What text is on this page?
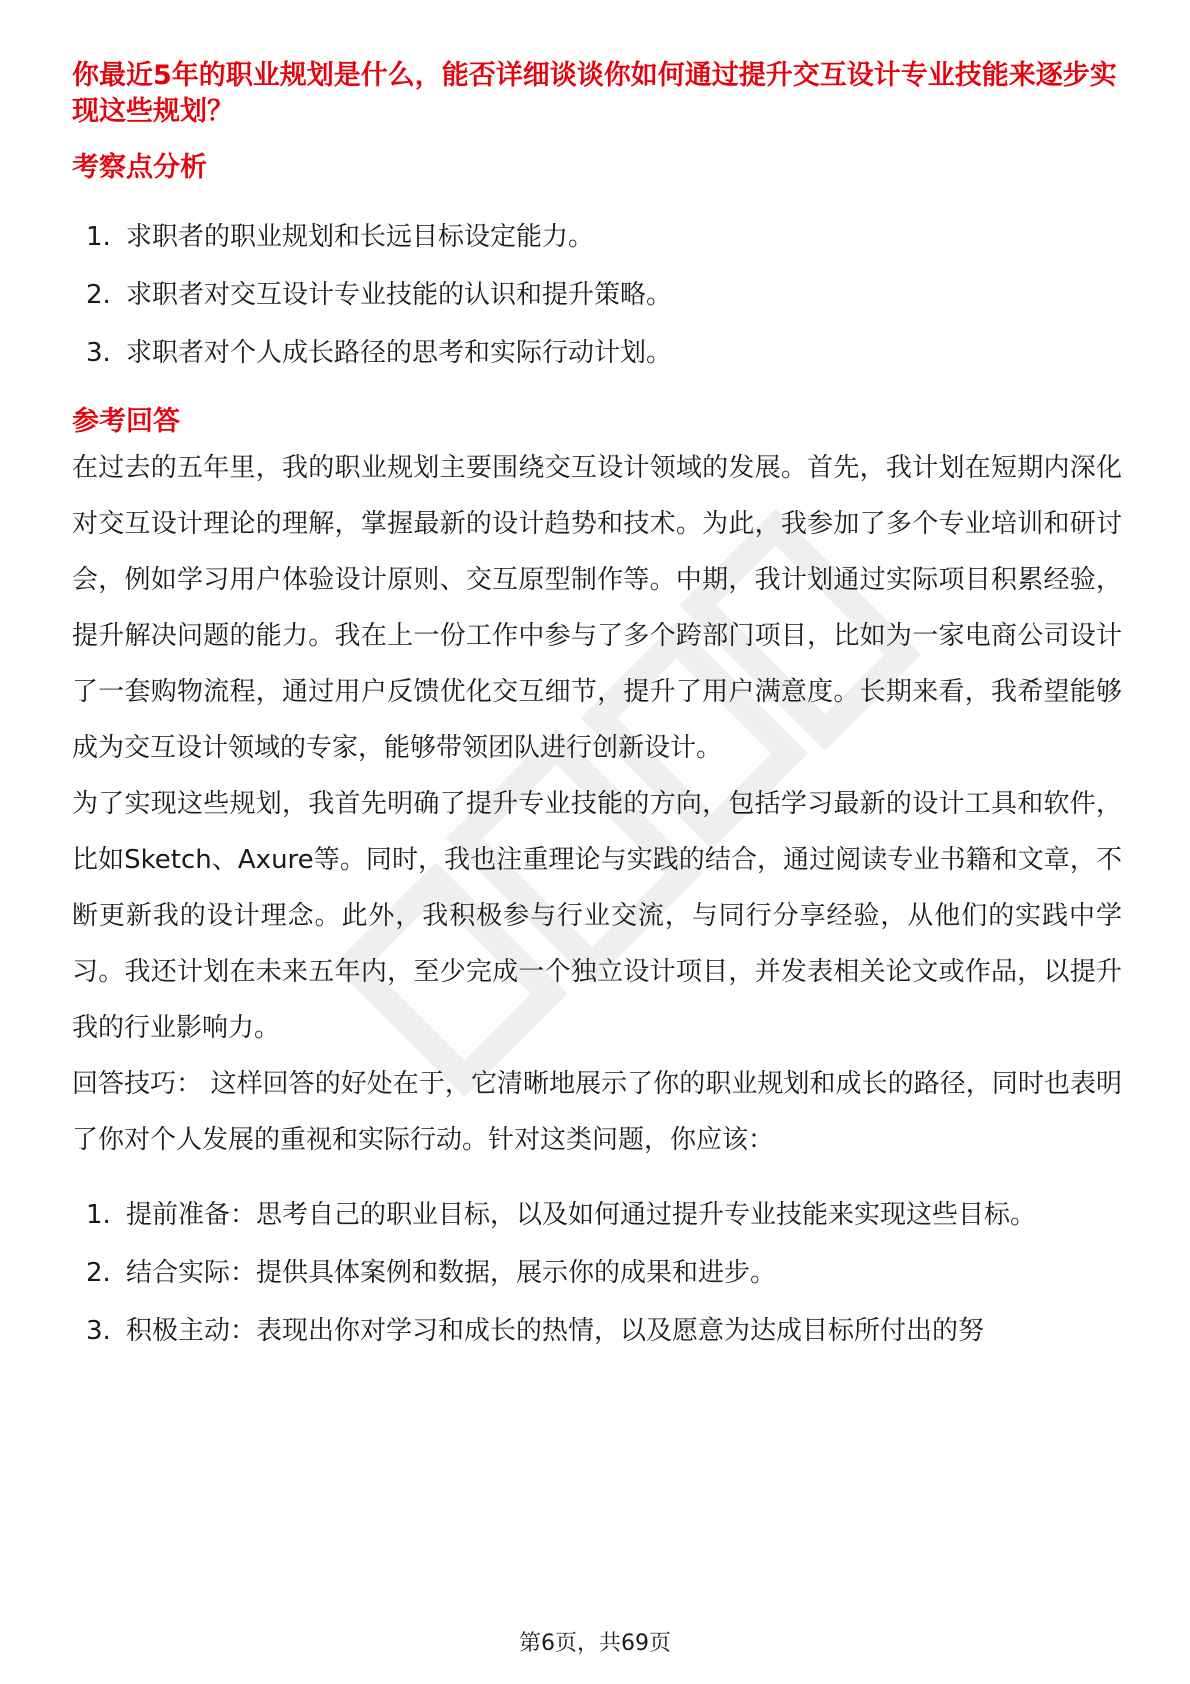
你最近5年的职业规划是什么，能否详细谈谈你如何通过提升交互设计专业技能来逐步实现这些规划？

考察点分析

1. 求职者的职业规划和长远目标设定能力。
2. 求职者对交互设计专业技能的认识和提升策略。
3. 求职者对个人成长路径的思考和实际行动计划。

参考回答

在过去的五年里，我的职业规划主要围绕交互设计领域的发展。首先，我计划在短期内深化对交互设计理论的理解，掌握最新的设计趋势和技术。为此，我参加了多个专业培训和研讨会，例如学习用户体验设计原则、交互原型制作等。中期，我计划通过实际项目积累经验，提升解决问题的能力。我在上一份工作中参与了多个跨部门项目，比如为一家电商公司设计了一套购物流程，通过用户反馈优化交互细节，提升了用户满意度。长期来看，我希望能够成为交互设计领域的专家，能够带领团队进行创新设计。

为了实现这些规划，我首先明确了提升专业技能的方向，包括学习最新的设计工具和软件，比如Sketch、Axure等。同时，我也注重理论与实践的结合，通过阅读专业书籍和文章，不断更新我的设计理念。此外，我积极参与行业交流，与同行分享经验，从他们的实践中学习。我还计划在未来五年内，至少完成一个独立设计项目，并发表相关论文或作品，以提升我的行业影响力。

回答技巧： 这样回答的好处在于，它清晰地展示了你的职业规划和成长的路径，同时也表明了你对个人发展的重视和实际行动。针对这类问题，你应该：

1. 提前准备：思考自己的职业目标，以及如何通过提升专业技能来实现这些目标。
2. 结合实际：提供具体案例和数据，展示你的成果和进步。
3. 积极主动：表现出你对学习和成长的热情，以及愿意为达成目标所付出的努
第6页，共69页
